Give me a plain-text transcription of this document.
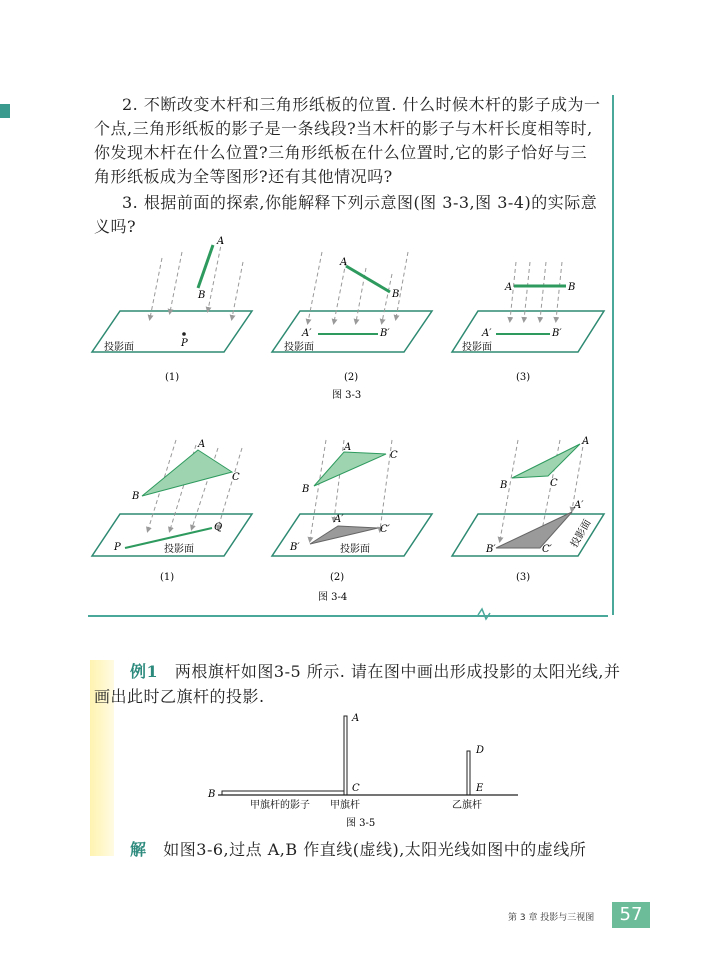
2. 不断改变木杆和三角形纸板的位置. 什么时候木杆的影子成为一
个点,三角形纸板的影子是一条线段?当木杆的影子与木杆长度相等时,
你发现木杆在什么位置?三角形纸板在什么位置时,它的影子恰好与三
角形纸板成为全等图形?还有其他情况吗?
3. 根据前面的探索,你能解释下列示意图(图 3-3,图 3-4)的实际意
义吗?
A
B
P
投影面
(1)
A
B
A′	B′
投影面
(2)
A	B
A′	B′
投影面
(3)
图 3-3
A
C
B
P
Q
投影面
(1)
A
C
B
A′
C′
B′	投影面
(2)
A
C
B
A′
C′
B′	投影面
(3)
图 3-4
A
B
C
D
E
甲旗杆的影子 甲旗杆	乙旗杆
图 3-5
例1 两根旗杆如图3-5 所示. 请在图中画出形成投影的太阳光线,并
画出此时乙旗杆的投影.
解 如图3-6,过点 A,B 作直线(虚线),太阳光线如图中的虚线所
第 3 章 投影与三视图	57
